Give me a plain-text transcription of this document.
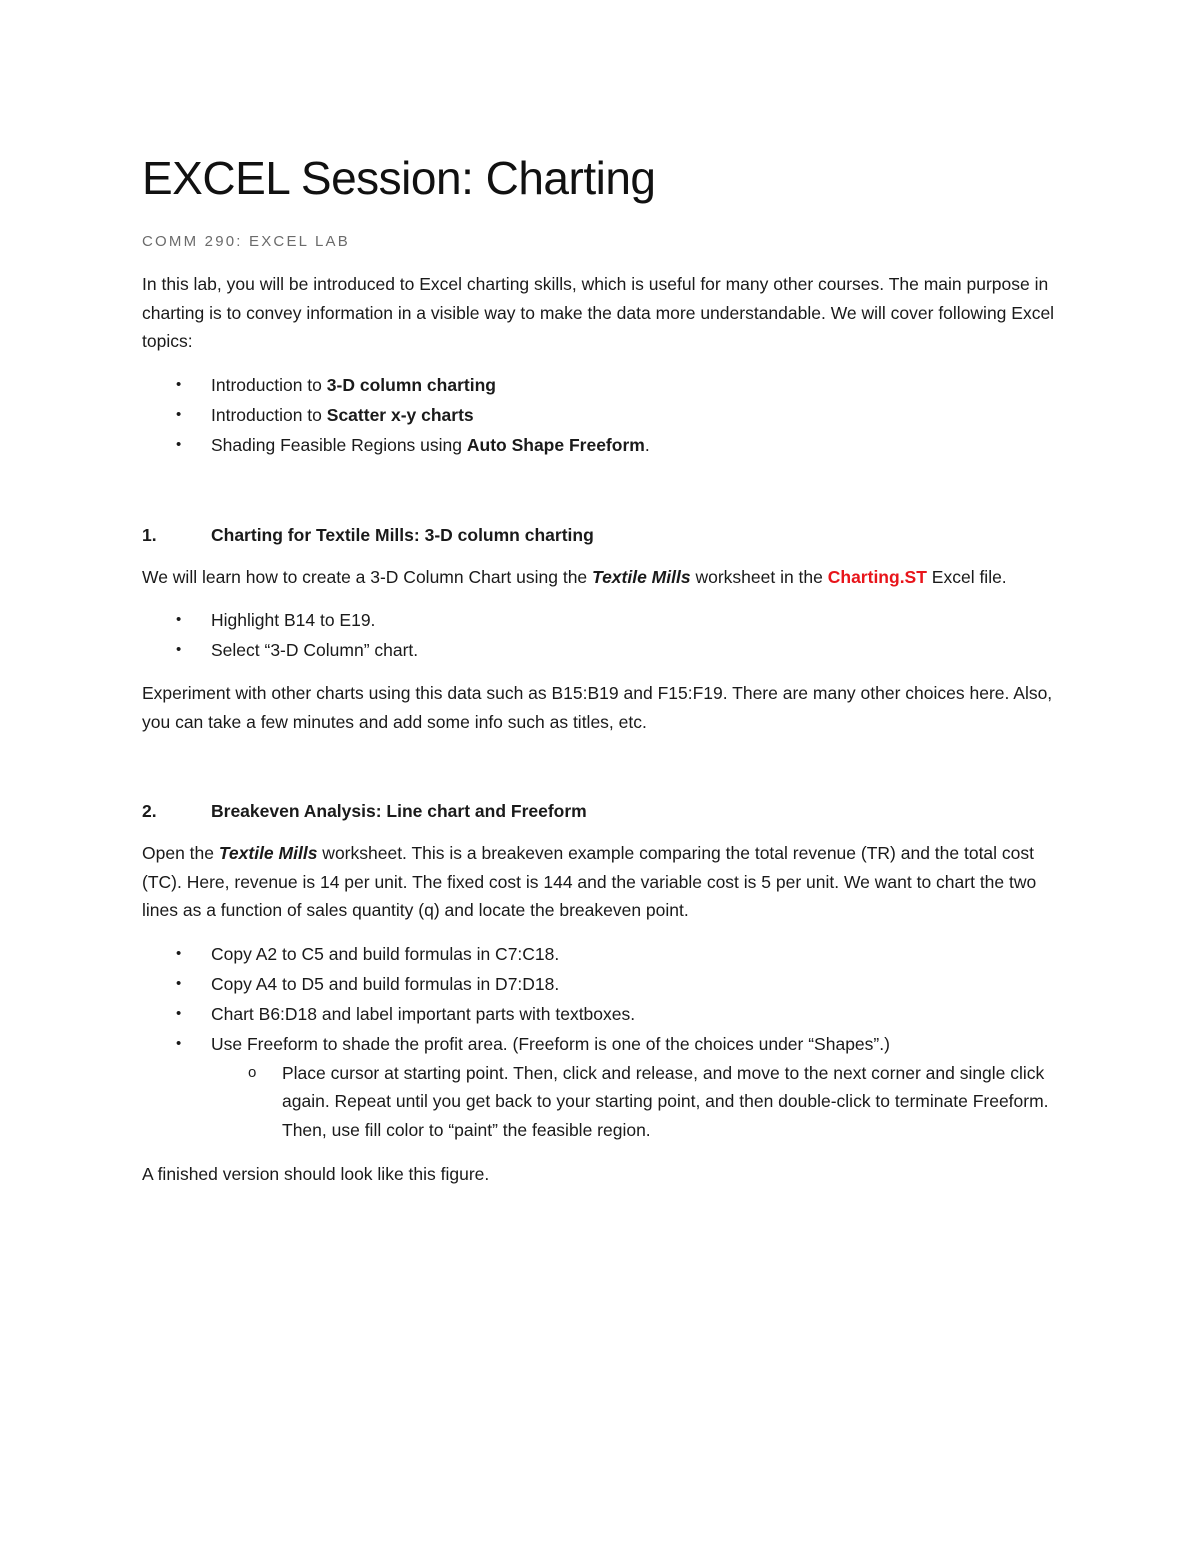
EXCEL Session: Charting
COMM 290: EXCEL LAB

In this lab, you will be introduced to Excel charting skills, which is useful for many other courses. The main purpose in charting is to convey information in a visible way to make the data more understandable. We will cover following Excel topics:

• Introduction to 3-D column charting
• Introduction to Scatter x-y charts
• Shading Feasible Regions using Auto Shape Freeform.
1.	Charting for Textile Mills: 3-D column charting

We will learn how to create a 3-D Column Chart using the Textile Mills worksheet in the Charting.ST Excel file.

• Highlight B14 to E19.
• Select “3-D Column” chart.

Experiment with other charts using this data such as B15:B19 and F15:F19. There are many other choices here. Also, you can take a few minutes and add some info such as titles, etc.

2.	Breakeven Analysis: Line chart and Freeform

Open the Textile Mills worksheet. This is a breakeven example comparing the total revenue (TR) and the total cost (TC). Here, revenue is 14 per unit. The fixed cost is 144 and the variable cost is 5 per unit. We want to chart the two lines as a function of sales quantity (q) and locate the breakeven point.

• Copy A2 to C5 and build formulas in C7:C18.
• Copy A4 to D5 and build formulas in D7:D18.
• Chart B6:D18 and label important parts with textboxes.
• Use Freeform to shade the profit area. (Freeform is one of the choices under “Shapes”.)
o Place cursor at starting point. Then, click and release, and move to the next corner and single click again. Repeat until you get back to your starting point, and then double-click to terminate Freeform. Then, use fill color to “paint” the feasible region.

A finished version should look like this figure.
